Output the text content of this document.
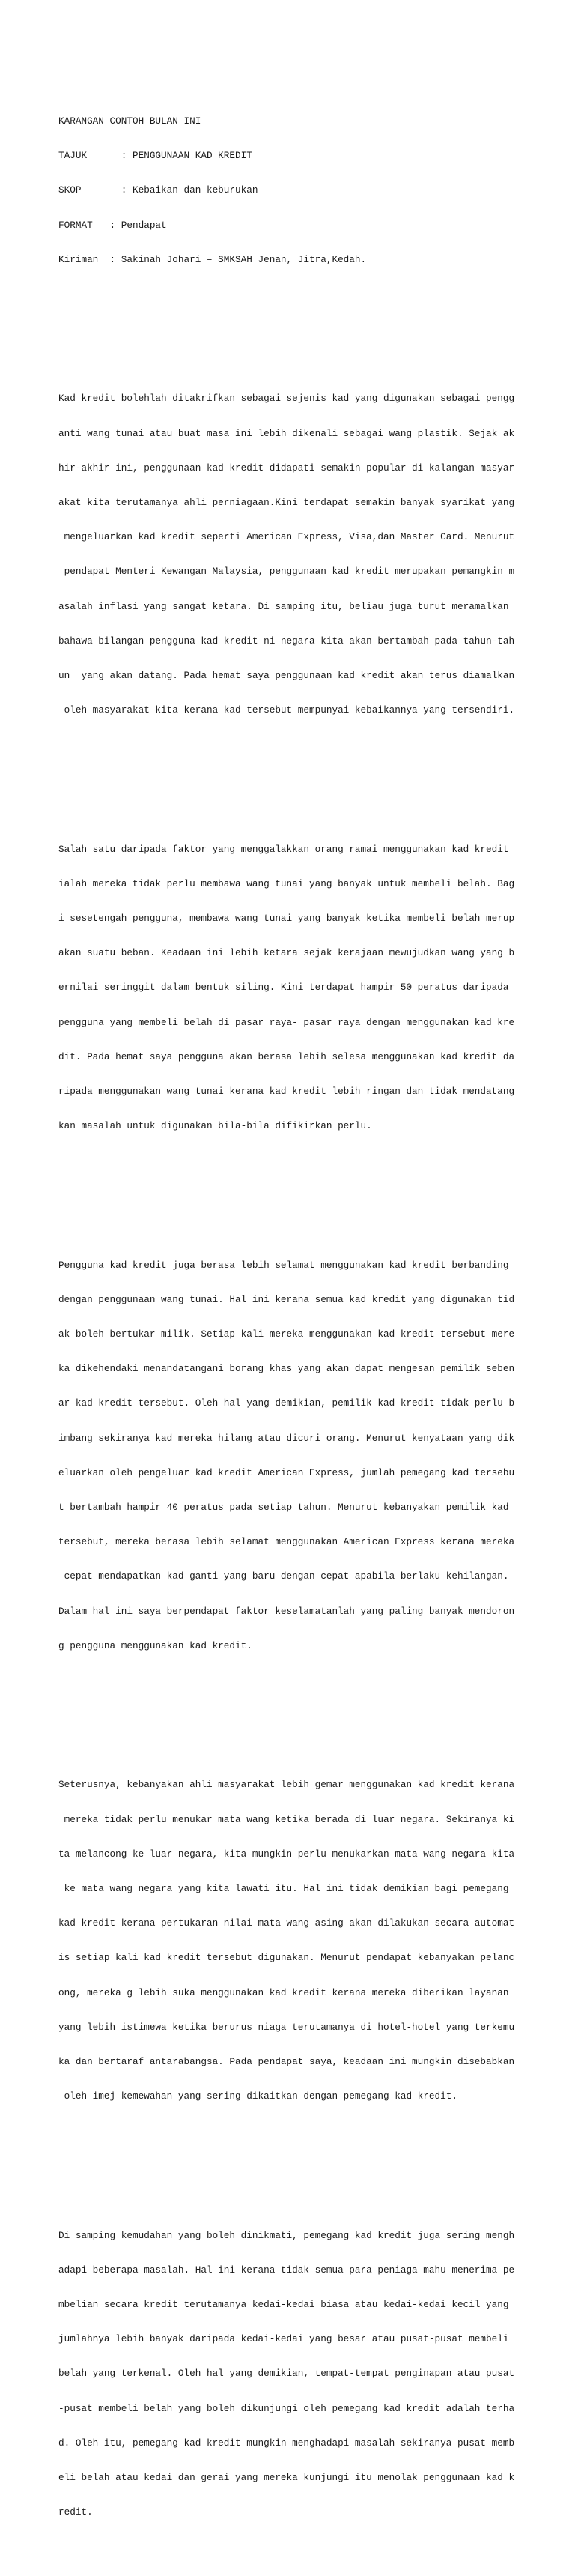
KARANGAN CONTOH BULAN INI

TAJUK      : PENGGUNAAN KAD KREDIT

SKOP       : Kebaikan dan keburukan

FORMAT   : Pendapat

Kiriman  : Sakinah Johari – SMKSAH Jenan, Jitra,Kedah.

Kad kredit bolehlah ditakrifkan sebagai sejenis kad yang digunakan sebagai pengg

anti wang tunai atau buat masa ini lebih dikenali sebagai wang plastik. Sejak ak

hir-akhir ini, penggunaan kad kredit didapati semakin popular di kalangan masyar

akat kita terutamanya ahli perniagaan.Kini terdapat semakin banyak syarikat yang

mengeluarkan kad kredit seperti American Express, Visa,dan Master Card. Menurut

pendapat Menteri Kewangan Malaysia, penggunaan kad kredit merupakan pemangkin m

asalah inflasi yang sangat ketara. Di samping itu, beliau juga turut meramalkan

bahawa bilangan pengguna kad kredit ni negara kita akan bertambah pada tahun-tah

un  yang akan datang. Pada hemat saya penggunaan kad kredit akan terus diamalkan

oleh masyarakat kita kerana kad tersebut mempunyai kebaikannya yang tersendiri.

Salah satu daripada faktor yang menggalakkan orang ramai menggunakan kad kredit

ialah mereka tidak perlu membawa wang tunai yang banyak untuk membeli belah. Bag

i sesetengah pengguna, membawa wang tunai yang banyak ketika membeli belah merup

akan suatu beban. Keadaan ini lebih ketara sejak kerajaan mewujudkan wang yang b

ernilai seringgit dalam bentuk siling. Kini terdapat hampir 50 peratus daripada

pengguna yang membeli belah di pasar raya- pasar raya dengan menggunakan kad kre

dit. Pada hemat saya pengguna akan berasa lebih selesa menggunakan kad kredit da

ripada menggunakan wang tunai kerana kad kredit lebih ringan dan tidak mendatang

kan masalah untuk digunakan bila-bila difikirkan perlu.

Pengguna kad kredit juga berasa lebih selamat menggunakan kad kredit berbanding

dengan penggunaan wang tunai. Hal ini kerana semua kad kredit yang digunakan tid

ak boleh bertukar milik. Setiap kali mereka menggunakan kad kredit tersebut mere

ka dikehendaki menandatangani borang khas yang akan dapat mengesan pemilik seben

ar kad kredit tersebut. Oleh hal yang demikian, pemilik kad kredit tidak perlu b

imbang sekiranya kad mereka hilang atau dicuri orang. Menurut kenyataan yang dik

eluarkan oleh pengeluar kad kredit American Express, jumlah pemegang kad tersebu

t bertambah hampir 40 peratus pada setiap tahun. Menurut kebanyakan pemilik kad

tersebut, mereka berasa lebih selamat menggunakan American Express kerana mereka

cepat mendapatkan kad ganti yang baru dengan cepat apabila berlaku kehilangan.

Dalam hal ini saya berpendapat faktor keselamatanlah yang paling banyak mendoron

g pengguna menggunakan kad kredit.

Seterusnya, kebanyakan ahli masyarakat lebih gemar menggunakan kad kredit kerana

mereka tidak perlu menukar mata wang ketika berada di luar negara. Sekiranya ki

ta melancong ke luar negara, kita mungkin perlu menukarkan mata wang negara kita

ke mata wang negara yang kita lawati itu. Hal ini tidak demikian bagi pemegang

kad kredit kerana pertukaran nilai mata wang asing akan dilakukan secara automat

is setiap kali kad kredit tersebut digunakan. Menurut pendapat kebanyakan pelanc

ong, mereka g lebih suka menggunakan kad kredit kerana mereka diberikan layanan

yang lebih istimewa ketika berurus niaga terutamanya di hotel-hotel yang terkemu

ka dan bertaraf antarabangsa. Pada pendapat saya, keadaan ini mungkin disebabkan

oleh imej kemewahan yang sering dikaitkan dengan pemegang kad kredit.

Di samping kemudahan yang boleh dinikmati, pemegang kad kredit juga sering mengh

adapi beberapa masalah. Hal ini kerana tidak semua para peniaga mahu menerima pe

mbelian secara kredit terutamanya kedai-kedai biasa atau kedai-kedai kecil yang

jumlahnya lebih banyak daripada kedai-kedai yang besar atau pusat-pusat membeli

belah yang terkenal. Oleh hal yang demikian, tempat-tempat penginapan atau pusat

-pusat membeli belah yang boleh dikunjungi oleh pemegang kad kredit adalah terha

d. Oleh itu, pemegang kad kredit mungkin menghadapi masalah sekiranya pusat memb

eli belah atau kedai dan gerai yang mereka kunjungi itu menolak penggunaan kad k

redit.
